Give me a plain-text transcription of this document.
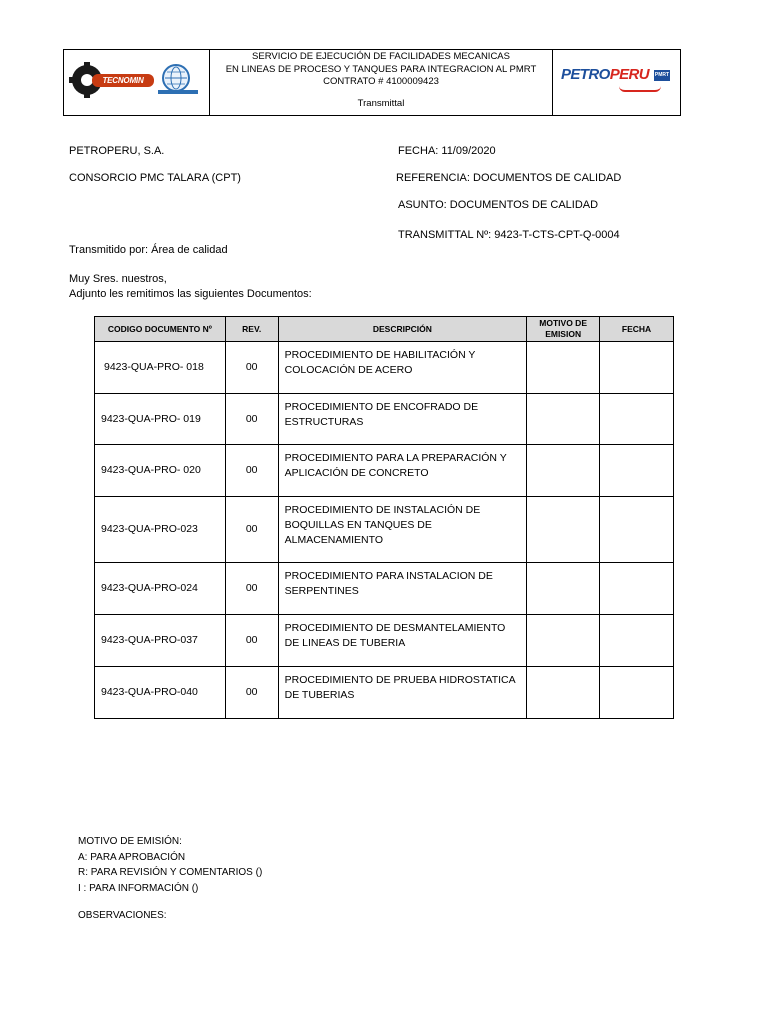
TECNOMIN DATA
SERVICIO DE EJECUCIÓN DE FACILIDADES MECANICAS
EN LINEAS DE PROCESO Y TANQUES PARA INTEGRACION AL PMRT
CONTRATO # 4100009423
Transmittal
PETROPERU PMRT
PETROPERU, S.A.
CONSORCIO PMC TALARA (CPT)
FECHA: 11/09/2020
REFERENCIA: DOCUMENTOS DE CALIDAD
ASUNTO: DOCUMENTOS DE CALIDAD
TRANSMITTAL Nº: 9423-T-CTS-CPT-Q-0004
Transmitido por: Área de calidad
Muy Sres. nuestros,
Adjunto les remitimos las siguientes Documentos:
CODIGO DOCUMENTO Nº	REV.	DESCRIPCIÓN	MOTIVO DE EMISION	FECHA
9423-QUA-PRO- 018	00	PROCEDIMIENTO DE HABILITACIÓN Y COLOCACIÓN DE ACERO		
9423-QUA-PRO- 019	00	PROCEDIMIENTO DE ENCOFRADO DE ESTRUCTURAS		
9423-QUA-PRO- 020	00	PROCEDIMIENTO PARA LA PREPARACIÓN Y APLICACIÓN DE CONCRETO		
9423-QUA-PRO-023	00	PROCEDIMIENTO DE INSTALACIÓN DE BOQUILLAS EN TANQUES DE ALMACENAMIENTO		
9423-QUA-PRO-024	00	PROCEDIMIENTO PARA INSTALACION DE SERPENTINES		
9423-QUA-PRO-037	00	PROCEDIMIENTO DE DESMANTELAMIENTO DE LINEAS DE TUBERIA		
9423-QUA-PRO-040	00	PROCEDIMIENTO DE PRUEBA HIDROSTATICA DE TUBERIAS		
MOTIVO DE EMISIÓN:
A: PARA APROBACIÓN
R: PARA REVISIÓN Y COMENTARIOS ()
I : PARA INFORMACIÓN ()
OBSERVACIONES:
